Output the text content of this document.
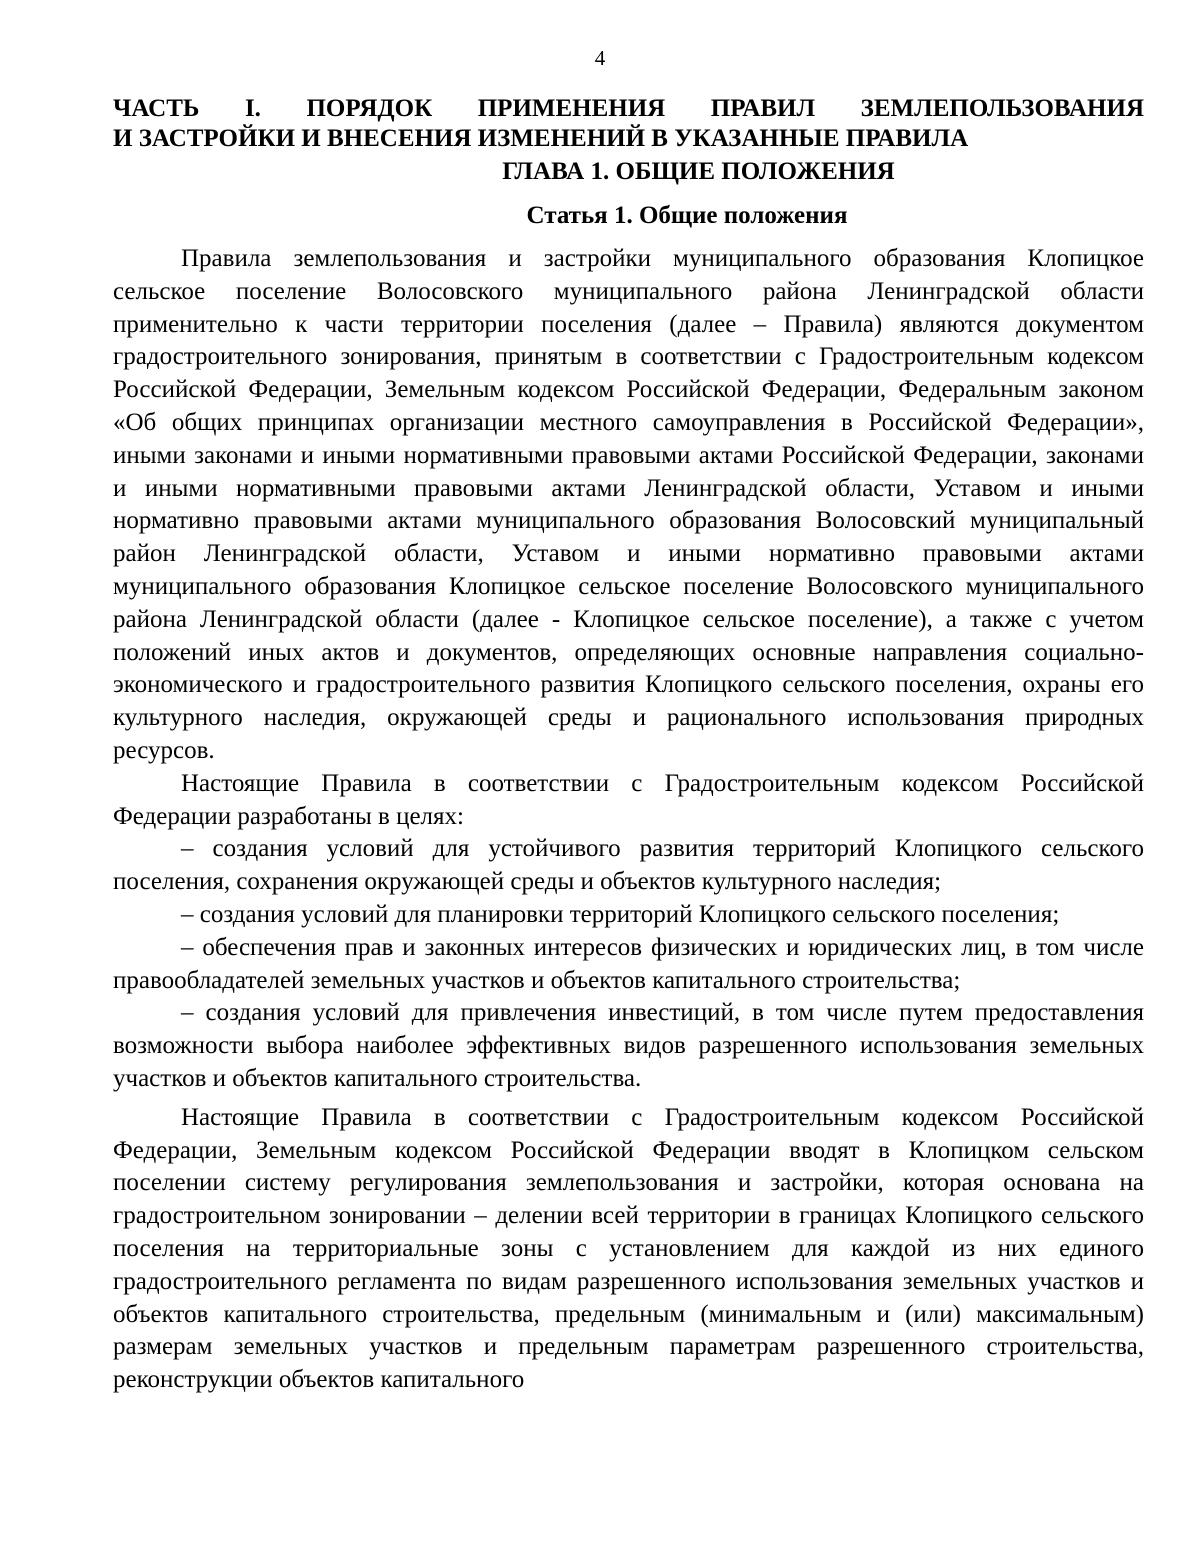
4
ЧАСТЬ I. ПОРЯДОК ПРИМЕНЕНИЯ ПРАВИЛ ЗЕМЛЕПОЛЬЗОВАНИЯ
И ЗАСТРОЙКИ И ВНЕСЕНИЯ ИЗМЕНЕНИЙ В УКАЗАННЫЕ ПРАВИЛА
ГЛАВА 1. ОБЩИЕ ПОЛОЖЕНИЯ
Статья 1. Общие положения

Правила землепользования и застройки муниципального образования Клопицкое сельское поселение Волосовского муниципального района Ленинградской области применительно к части территории поселения (далее – Правила) являются документом градостроительного зонирования, принятым в соответствии с Градостроительным кодексом Российской Федерации, Земельным кодексом Российской Федерации, Федеральным законом «Об общих принципах организации местного самоуправления в Российской Федерации», иными законами и иными нормативными правовыми актами Российской Федерации, законами и иными нормативными правовыми актами Ленинградской области, Уставом и иными нормативно правовыми актами муниципального образования Волосовский муниципальный район Ленинградской области, Уставом и иными нормативно правовыми актами муниципального образования Клопицкое сельское поселение Волосовского муниципального района Ленинградской области (далее - Клопицкое сельское поселение), а также с учетом положений иных актов и документов, определяющих основные направления социально-экономического и градостроительного развития Клопицкого сельского поселения, охраны его культурного наследия, окружающей среды и рационального использования природных ресурсов.

Настоящие Правила в соответствии с Градостроительным кодексом Российской Федерации разработаны в целях:

– создания условий для устойчивого развития территорий Клопицкого сельского поселения, сохранения окружающей среды и объектов культурного наследия;

– создания условий для планировки территорий Клопицкого сельского поселения;

– обеспечения прав и законных интересов физических и юридических лиц, в том числе правообладателей земельных участков и объектов капитального строительства;

– создания условий для привлечения инвестиций, в том числе путем предоставления возможности выбора наиболее эффективных видов разрешенного использования земельных участков и объектов капитального строительства.

Настоящие Правила в соответствии с Градостроительным кодексом Российской Федерации, Земельным кодексом Российской Федерации вводят в Клопицком сельском поселении систему регулирования землепользования и застройки, которая основана на градостроительном зонировании – делении всей территории в границах Клопицкого сельского поселения на территориальные зоны с установлением для каждой из них единого градостроительного регламента по видам разрешенного использования земельных участков и объектов капитального строительства, предельным (минимальным и (или) максимальным) размерам земельных участков и предельным параметрам разрешенного строительства, реконструкции объектов капитального
